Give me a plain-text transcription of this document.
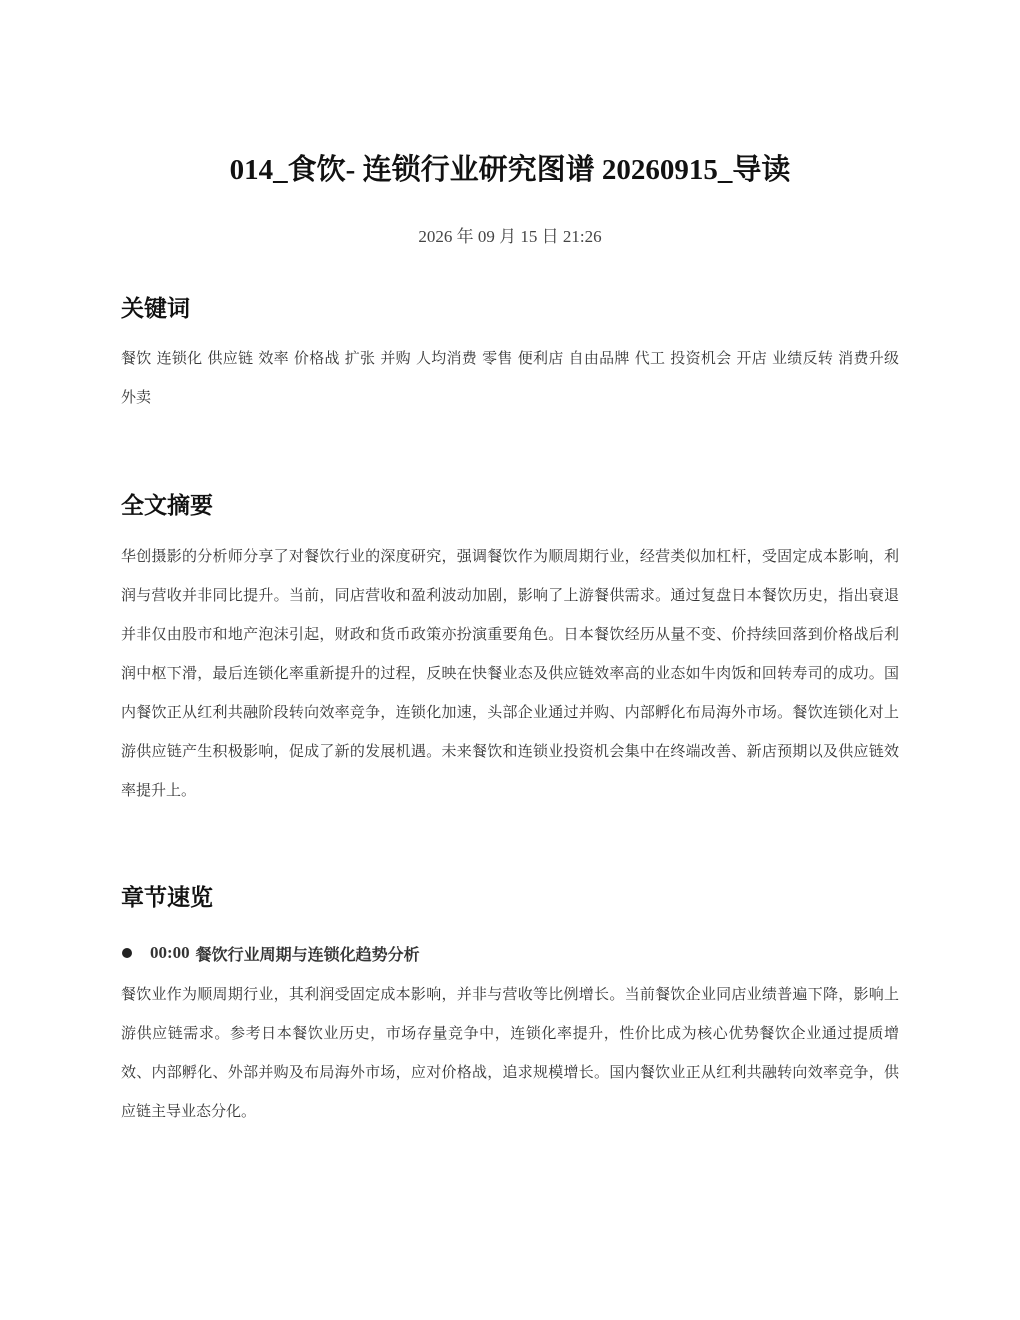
014_食饮- 连锁行业研究图谱 20260915_导读
2026 年 09 月 15 日 21:26
关键词

餐饮 连锁化 供应链 效率 价格战 扩张 并购 人均消费 零售 便利店 自由品牌 代工 投资机会 开店 业绩反转 消费升级 外卖

全文摘要

华创摄影的分析师分享了对餐饮行业的深度研究，强调餐饮作为顺周期行业，经营类似加杠杆，受固定成本影响，利润与营收并非同比提升。当前，同店营收和盈利波动加剧，影响了上游餐供需求。通过复盘日本餐饮历史，指出衰退并非仅由股市和地产泡沫引起，财政和货币政策亦扮演重要角色。日本餐饮经历从量不变、价持续回落到价格战后利润中枢下滑，最后连锁化率重新提升的过程，反映在快餐业态及供应链效率高的业态如牛肉饭和回转寿司的成功。国内餐饮正从红利共融阶段转向效率竞争，连锁化加速，头部企业通过并购、内部孵化布局海外市场。餐饮连锁化对上游供应链产生积极影响，促成了新的发展机遇。未来餐饮和连锁业投资机会集中在终端改善、新店预期以及供应链效率提升上。

章节速览
00:00 餐饮行业周期与连锁化趋势分析

餐饮业作为顺周期行业，其利润受固定成本影响，并非与营收等比例增长。当前餐饮企业同店业绩普遍下降，影响上游供应链需求。参考日本餐饮业历史，市场存量竞争中，连锁化率提升，性价比成为核心优势餐饮企业通过提质增效、内部孵化、外部并购及布局海外市场，应对价格战，追求规模增长。国内餐饮业正从红利共融转向效率竞争，供应链主导业态分化。
